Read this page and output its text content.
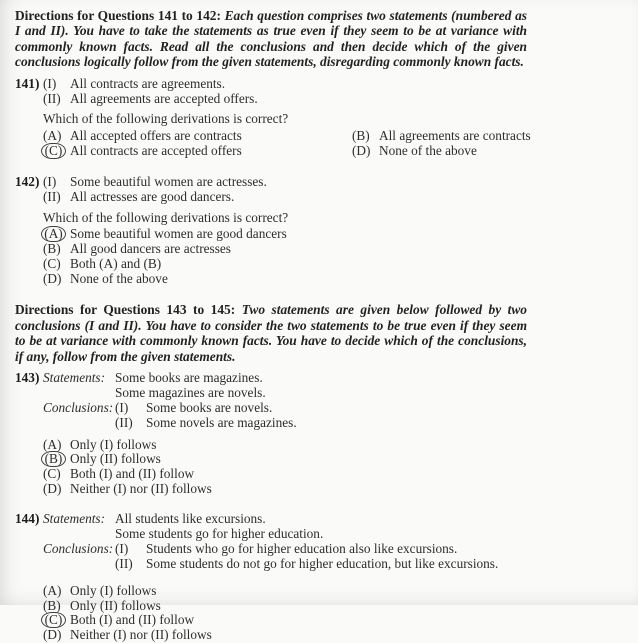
Directions for Questions 141 to 142: Each question comprises two statements (numbered as I and II). You have to take the statements as true even if they seem to be at variance with commonly known facts. Read all the conclusions and then decide which of the given conclusions logically follow from the given statements, disregarding commonly known facts.

141) (I)	All contracts are agreements.
(II) All agreements are accepted offers.
Which of the following derivations is correct?
(A) All accepted offers are contracts	(B) All agreements are contracts
(C) All contracts are accepted offers	(D) None of the above
142) (I)	Some beautiful women are actresses.
(II) All actresses are good dancers.
Which of the following derivations is correct?
(A) Some beautiful women are good dancers
(B) All good dancers are actresses
(C) Both (A) and (B)
(D) None of the above

Directions for Questions 143 to 145: Two statements are given below followed by two conclusions (I and II). You have to consider the two statements to be true even if they seem to be at variance with commonly known facts. You have to decide which of the conclusions, if any, follow from the given statements.

143) Statements: Some books are magazines.
Some magazines are novels.
Conclusions: (I)	Some books are novels.
(II) Some novels are magazines.
(A) Only (I) follows
(B) Only (II) follows
(C) Both (I) and (II) follow
(D) Neither (I) nor (II) follows
144) Statements: All students like excursions.
Some students go for higher education.
Conclusions: (I)	Students who go for higher education also like excursions.
(II) Some students do not go for higher education, but like excursions.
(A) Only (I) follows
(B) Only (II) follows
(C) Both (I) and (II) follow
(D) Neither (I) nor (II) follows
